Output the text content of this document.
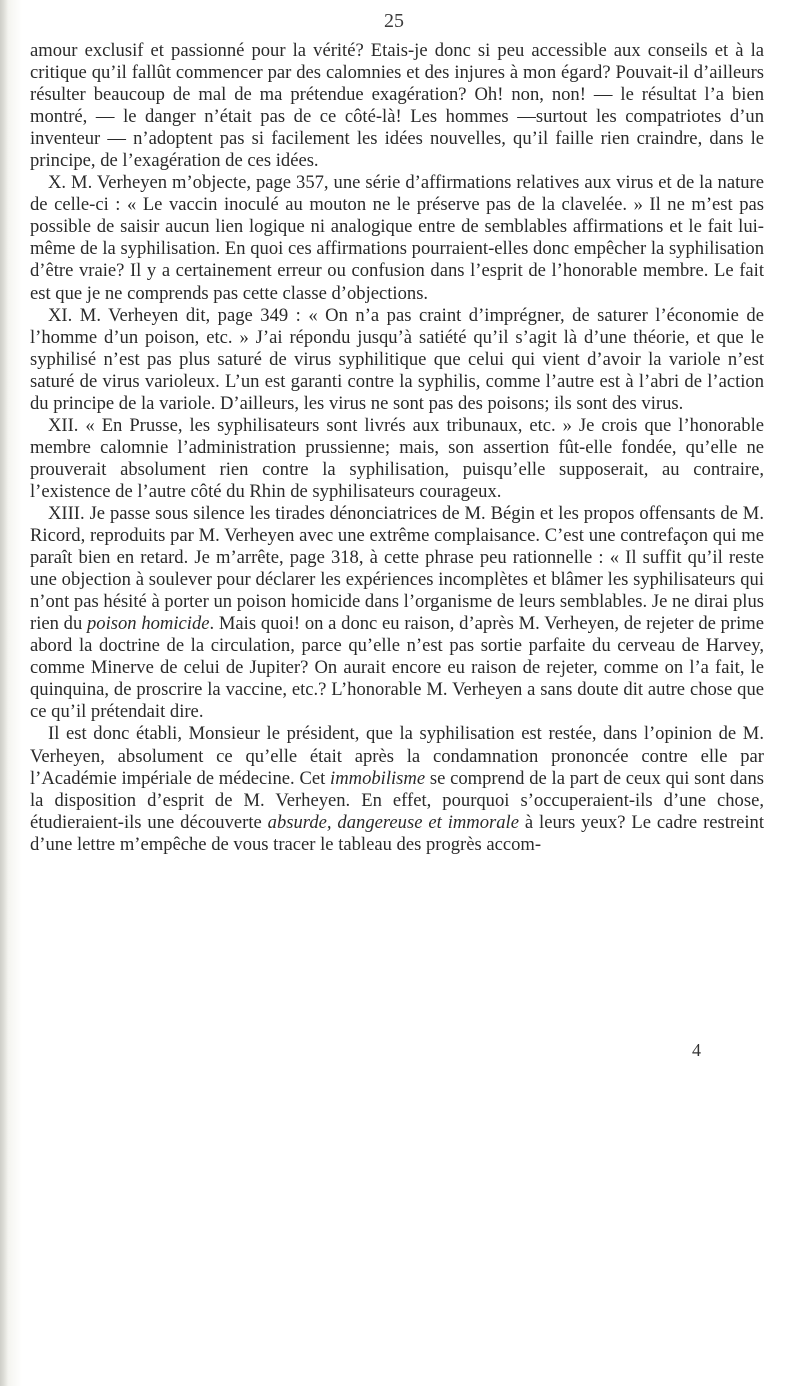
25

amour exclusif et passionné pour la vérité? Etais-je donc si peu accessible aux conseils et à la critique qu’il fallût commencer par des calomnies et des injures à mon égard? Pouvait-il d’ailleurs résulter beaucoup de mal de ma prétendue exagération? Oh! non, non! — le résultat l’a bien montré, — le danger n’était pas de ce côté-là! Les hommes —surtout les compatriotes d’un inventeur — n’adoptent pas si facilement les idées nouvelles, qu’il faille rien craindre, dans le principe, de l’exagération de ces idées.

X. M. Verheyen m’objecte, page 357, une série d’affirmations relatives aux virus et de la nature de celle-ci : « Le vaccin inoculé au mouton ne le préserve pas de la clavelée. » Il ne m’est pas possible de saisir aucun lien logique ni analogique entre de semblables affirmations et le fait lui-même de la syphilisation. En quoi ces affirmations pourraient-elles donc empêcher la syphilisation d’être vraie? Il y a certainement erreur ou confusion dans l’esprit de l’honorable membre. Le fait est que je ne comprends pas cette classe d’objections.

XI. M. Verheyen dit, page 349 : « On n’a pas craint d’imprégner, de saturer l’économie de l’homme d’un poison, etc. » J’ai répondu jusqu’à satiété qu’il s’agit là d’une théorie, et que le syphilisé n’est pas plus saturé de virus syphilitique que celui qui vient d’avoir la variole n’est saturé de virus varioleux. L’un est garanti contre la syphilis, comme l’autre est à l’abri de l’action du principe de la variole. D’ailleurs, les virus ne sont pas des poisons; ils sont des virus.

XII. « En Prusse, les syphilisateurs sont livrés aux tribunaux, etc. » Je crois que l’honorable membre calomnie l’administration prussienne; mais, son assertion fût-elle fondée, qu’elle ne prouverait absolument rien contre la syphilisation, puisqu’elle supposerait, au contraire, l’existence de l’autre côté du Rhin de syphilisateurs courageux.

XIII. Je passe sous silence les tirades dénonciatrices de M. Bégin et les propos offensants de M. Ricord, reproduits par M. Verheyen avec une extrême complaisance. C’est une contrefaçon qui me paraît bien en retard. Je m’arrête, page 318, à cette phrase peu rationnelle : « Il suffit qu’il reste une objection à soulever pour déclarer les expériences incomplètes et blâmer les syphilisateurs qui n’ont pas hésité à porter un poison homicide dans l’organisme de leurs semblables. Je ne dirai plus rien du poison homicide. Mais quoi! on a donc eu raison, d’après M. Verheyen, de rejeter de prime abord la doctrine de la circulation, parce qu’elle n’est pas sortie parfaite du cerveau de Harvey, comme Minerve de celui de Jupiter? On aurait encore eu raison de rejeter, comme on l’a fait, le quinquina, de proscrire la vaccine, etc.? L’honorable M. Verheyen a sans doute dit autre chose que ce qu’il prétendait dire.

Il est donc établi, Monsieur le président, que la syphilisation est restée, dans l’opinion de M. Verheyen, absolument ce qu’elle était après la condamnation prononcée contre elle par l’Académie impériale de médecine. Cet immobilisme se comprend de la part de ceux qui sont dans la disposition d’esprit de M. Verheyen. En effet, pourquoi s’occuperaient-ils d’une chose, étudieraient-ils une découverte absurde, dangereuse et immorale à leurs yeux? Le cadre restreint d’une lettre m’empêche de vous tracer le tableau des progrès accom-

4
